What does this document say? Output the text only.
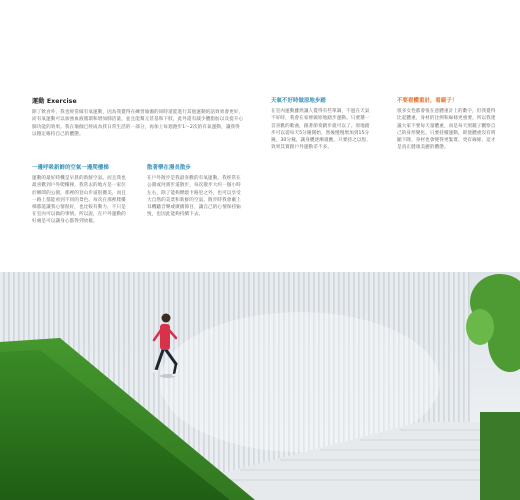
運動 Exercise

除了飲食外，我也經常做有氧運動，因為我覺得在練習瑜伽的同時還能進行其他運動的話效果會更好，而有氧運動可以加強血液循環和增加肺活量，並且能幫元甚基和下肢，此外還有減少體脂肪以及提升心肺功能的效果。我在瑜伽已經成為我日常生活的一部分，再加上每週跑步1～2次的有氧運動，讓我得以穩定維持自己的體態。

一邊呼吸新鮮的空氣一邊爬樓梯

運動的最好時機是早晨的新鮮空氣。而且我也最喜歡到戶外爬樓梯，我常去的地方是一家位於鄉間的公園，那裡的登山步道很優美，而且一路上都能看到不同的景色。每次在那裡爬樓梯都能讓我心情很好，也比較有動力，不只是在室內可以做的事情。所以說，在戶外運動的好處是可以讓身心都得到放鬆。

散著樂在漫長散步

在戶外散步是我最喜歡的有氧運動。我經常在公園或河濱步道散步，每次散步大約一個小時左右，除了能夠燃燒卡路里之外，也可以享受大自然的美景和新鮮的空氣。散步時我會戴上耳機聽音樂或廣播節目，讓自己的心情保持愉悅，也因此能夠持續下去。

天氣不好時做原地步踏

在室內運動雖然讓人覺得有些單調，不過在天氣不好時，我會在家裡做原地踏步運動。只要選一首喜歡的歌曲，跟著節奏踏步就可以了。原地踏步可以從每天5分鐘開始，然後慢慢增加到15分鐘、30分鐘，讓身體逐漸適應。只要持之以恆，效果其實跟戶外運動差不多。

不要看體重計，看鏡子！

很多女性都會很在意體重計上的數字，但我覺得比起體重，身材的比例和線條更重要。所以我建議大家不要每天量體重，而是每天照鏡子觀察自己的身形變化。只要持續運動，即使體重沒有明顯下降，身材也會變得更緊實、更有線條，這才是真正健康美麗的體態。
